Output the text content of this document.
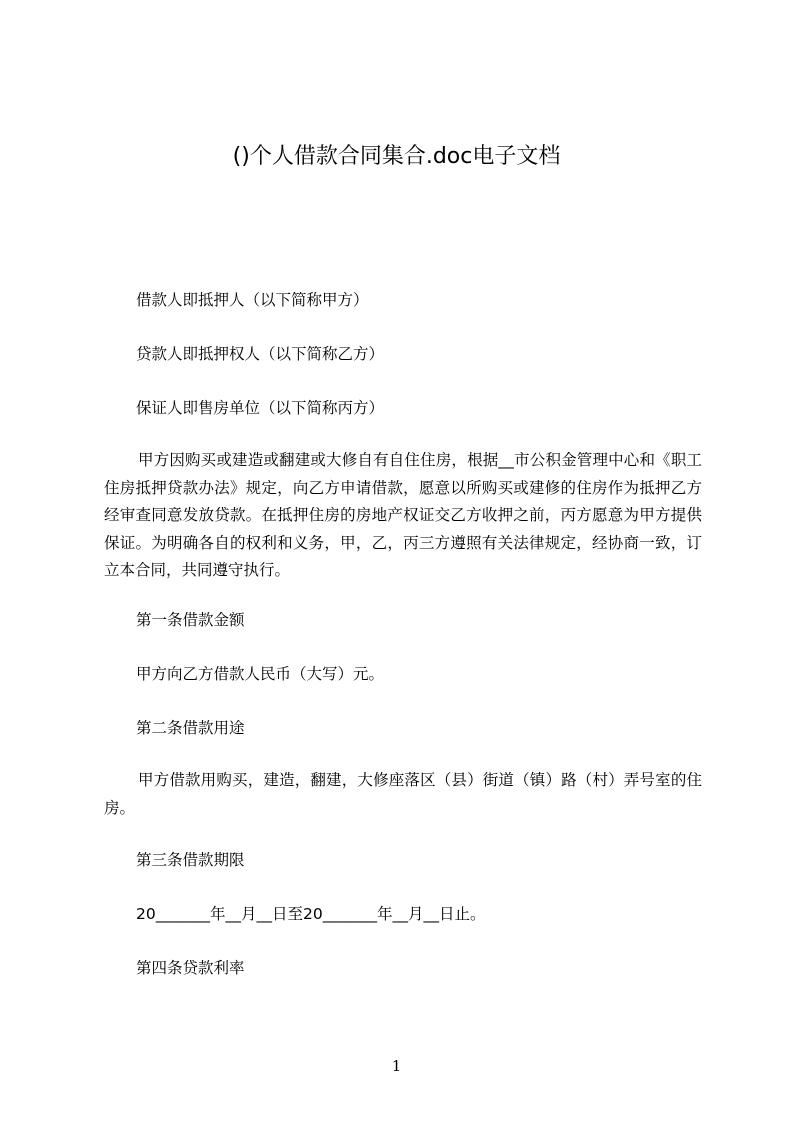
()个人借款合同集合.doc电子文档
借款人即抵押人（以下简称甲方）
贷款人即抵押权人（以下简称乙方）
保证人即售房单位（以下简称丙方）

甲方因购买或建造或翻建或大修自有自住住房，根据__市公积金管理中心和《职工住房抵押贷款办法》规定，向乙方申请借款，愿意以所购买或建修的住房作为抵押乙方经审查同意发放贷款。在抵押住房的房地产权证交乙方收押之前，丙方愿意为甲方提供保证。为明确各自的权利和义务，甲，乙，丙三方遵照有关法律规定，经协商一致，订立本合同，共同遵守执行。

第一条借款金额
甲方向乙方借款人民币（大写）元。
第二条借款用途

甲方借款用购买，建造，翻建，大修座落区（县）街道（镇）路（村）弄号室的住房。

第三条借款期限
20_______年__月__日至20_______年__月__日止。
第四条贷款利率
1
